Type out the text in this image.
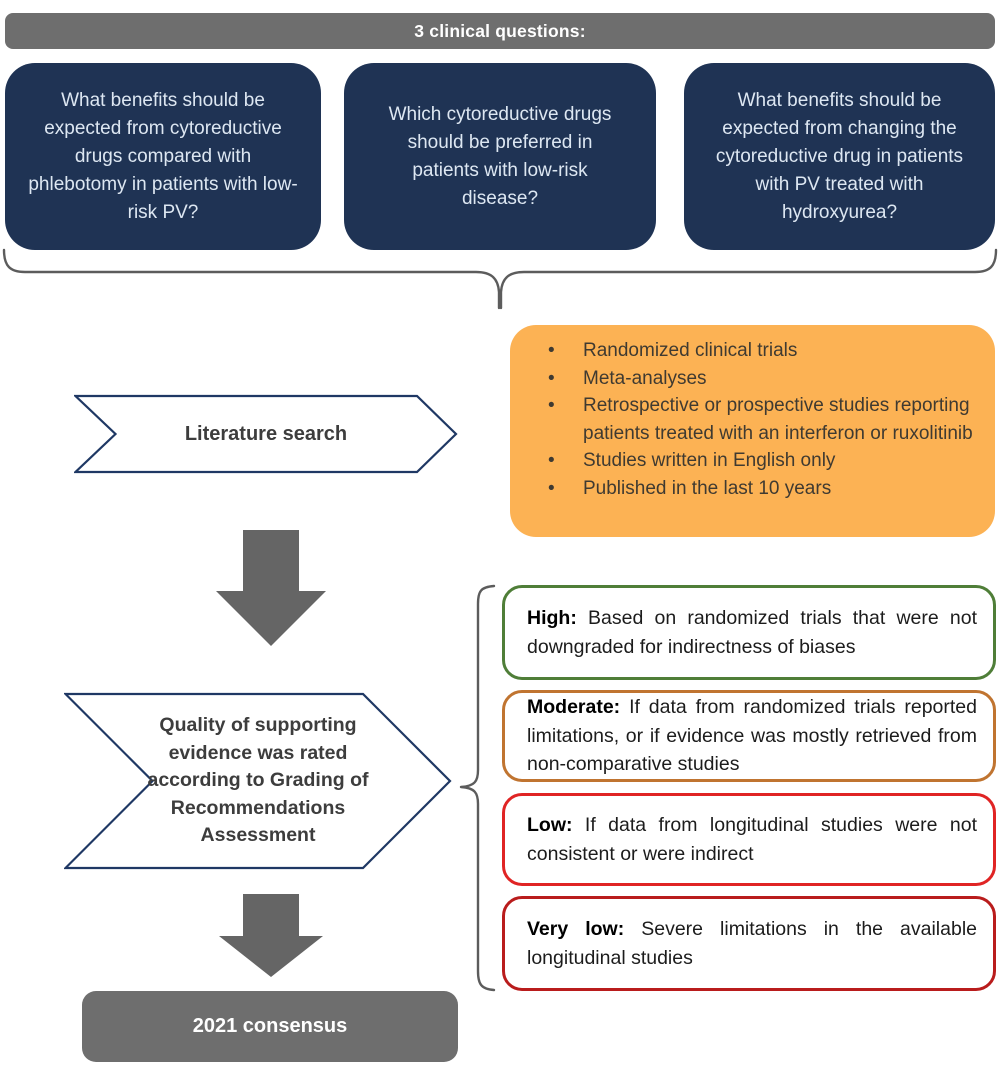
3 clinical questions:

What benefits should be expected from cytoreductive drugs compared with phlebotomy in patients with low-risk PV?

Which cytoreductive drugs should be preferred in patients with low-risk disease?

What benefits should be expected from changing the cytoreductive drug in patients with PV treated with hydroxyurea?

• Randomized clinical trials
• Meta-analyses
• Retrospective or prospective studies reporting patients treated with an interferon or ruxolitinib
• Studies written in English only
• Published in the last 10 years
Literature search

Quality of supporting evidence was rated according to Grading of Recommendations Assessment

High: Based on randomized trials that were not downgraded for indirectness of biases

Moderate: If data from randomized trials reported limitations, or if evidence was mostly retrieved from non-comparative studies

Low: If data from longitudinal studies were not consistent or were indirect

Very low: Severe limitations in the available longitudinal studies

2021 consensus
